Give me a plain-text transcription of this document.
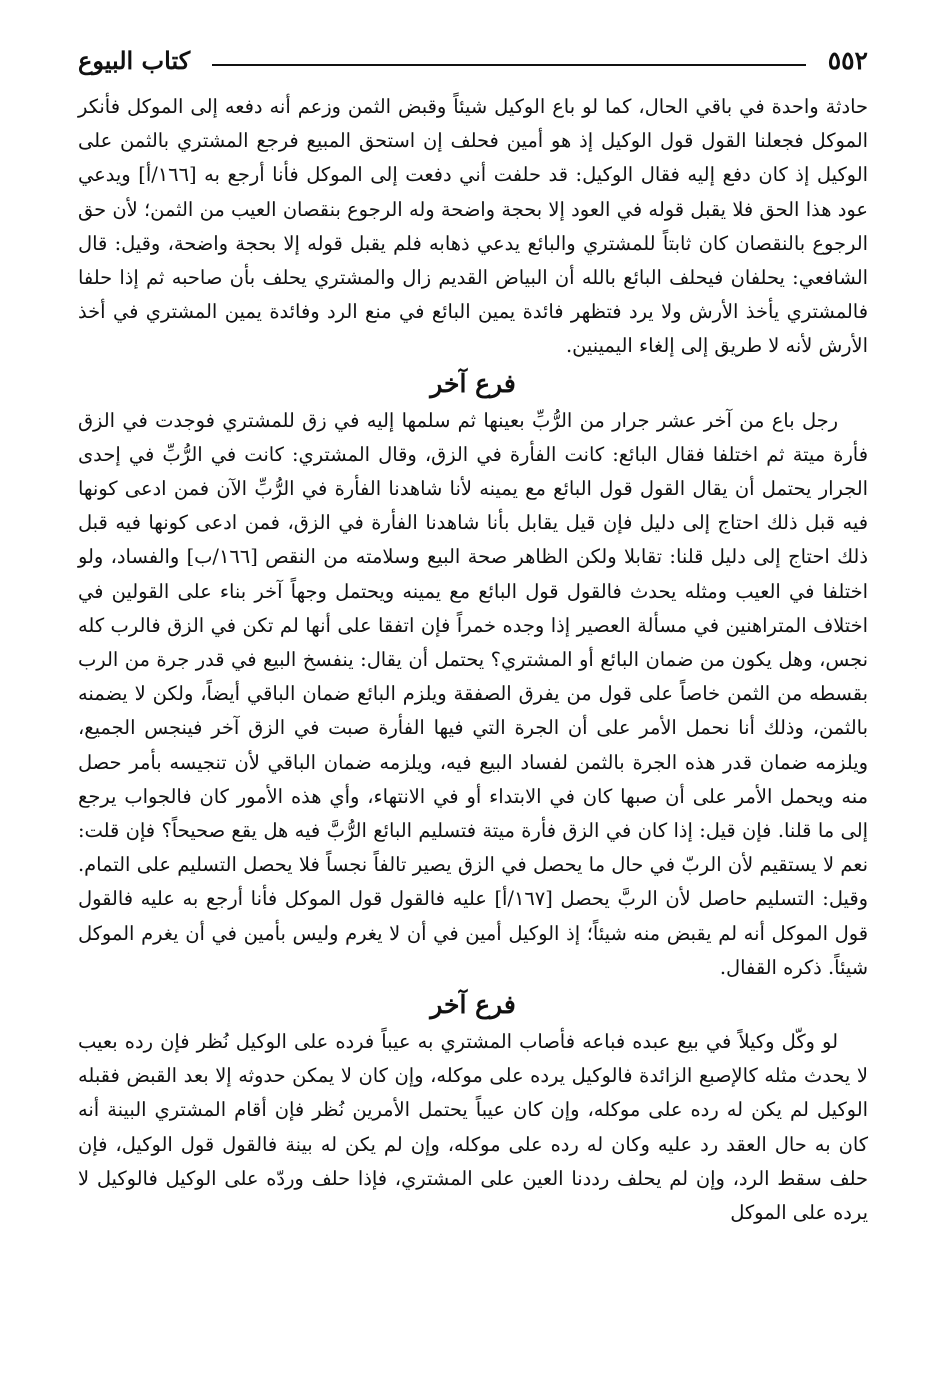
٥٥٢
كتاب البيوع

حادثة واحدة في باقي الحال، كما لو باع الوكيل شيئاً وقبض الثمن وزعم أنه دفعه إلى الموكل فأنكر الموكل فجعلنا القول قول الوكيل إذ هو أمين فحلف إن استحق المبيع فرجع المشتري بالثمن على الوكيل إذ كان دفع إليه فقال الوكيل: قد حلفت أني دفعت إلى الموكل فأنا أرجع به [١٦٦/أ] ويدعي عود هذا الحق فلا يقبل قوله في العود إلا بحجة واضحة وله الرجوع بنقصان العيب من الثمن؛ لأن حق الرجوع بالنقصان كان ثابتاً للمشتري والبائع يدعي ذهابه فلم يقبل قوله إلا بحجة واضحة، وقيل: قال الشافعي: يحلفان فيحلف البائع بالله أن البياض القديم زال والمشتري يحلف بأن صاحبه ثم إذا حلفا فالمشتري يأخذ الأرش ولا يرد فتظهر فائدة يمين البائع في منع الرد وفائدة يمين المشتري في أخذ الأرش لأنه لا طريق إلى إلغاء اليمينين.

فرع آخر

رجل باع من آخر عشر جرار من الرُّبِّ بعينها ثم سلمها إليه في زق للمشتري فوجدت في الزق فأرة ميتة ثم اختلفا فقال البائع: كانت الفأرة في الزق، وقال المشتري: كانت في الرُّبِّ في إحدى الجرار يحتمل أن يقال القول قول البائع مع يمينه لأنا شاهدنا الفأرة في الرُّبِّ الآن فمن ادعى كونها فيه قبل ذلك احتاج إلى دليل فإن قيل يقابل بأنا شاهدنا الفأرة في الزق، فمن ادعى كونها فيه قبل ذلك احتاج إلى دليل قلنا: تقابلا ولكن الظاهر صحة البيع وسلامته من النقص [١٦٦/ب] والفساد، ولو اختلفا في العيب ومثله يحدث فالقول قول البائع مع يمينه ويحتمل وجهاً آخر بناء على القولين في اختلاف المتراهنين في مسألة العصير إذا وجده خمراً فإن اتفقا على أنها لم تكن في الزق فالرب كله نجس، وهل يكون من ضمان البائع أو المشتري؟ يحتمل أن يقال: ينفسخ البيع في قدر جرة من الرب بقسطه من الثمن خاصاً على قول من يفرق الصفقة ويلزم البائع ضمان الباقي أيضاً، ولكن لا يضمنه بالثمن، وذلك أنا نحمل الأمر على أن الجرة التي فيها الفأرة صبت في الزق آخر فينجس الجميع، ويلزمه ضمان قدر هذه الجرة بالثمن لفساد البيع فيه، ويلزمه ضمان الباقي لأن تنجيسه بأمر حصل منه ويحمل الأمر على أن صبها كان في الابتداء أو في الانتهاء، وأي هذه الأمور كان فالجواب يرجع إلى ما قلنا. فإن قيل: إذا كان في الزق فأرة ميتة فتسليم البائع الرُّبَّ فيه هل يقع صحيحاً؟ فإن قلت: نعم لا يستقيم لأن الربّ في حال ما يحصل في الزق يصير تالفاً نجساً فلا يحصل التسليم على التمام. وقيل: التسليم حاصل لأن الربَّ يحصل [١٦٧/أ] عليه فالقول قول الموكل فأنا أرجع به عليه فالقول قول الموكل أنه لم يقبض منه شيئاً؛ إذ الوكيل أمين في أن لا يغرم وليس بأمين في أن يغرم الموكل شيئاً. ذكره القفال.

فرع آخر

لو وكّل وكيلاً في بيع عبده فباعه فأصاب المشتري به عيباً فرده على الوكيل نُظر فإن رده بعيب لا يحدث مثله كالإصبع الزائدة فالوكيل يرده على موكله، وإن كان لا يمكن حدوثه إلا بعد القبض فقبله الوكيل لم يكن له رده على موكله، وإن كان عيباً يحتمل الأمرين نُظر فإن أقام المشتري البينة أنه كان به حال العقد رد عليه وكان له رده على موكله، وإن لم يكن له بينة فالقول قول الوكيل، فإن حلف سقط الرد، وإن لم يحلف رددنا العين على المشتري، فإذا حلف وردّه على الوكيل فالوكيل لا يرده على الموكل
